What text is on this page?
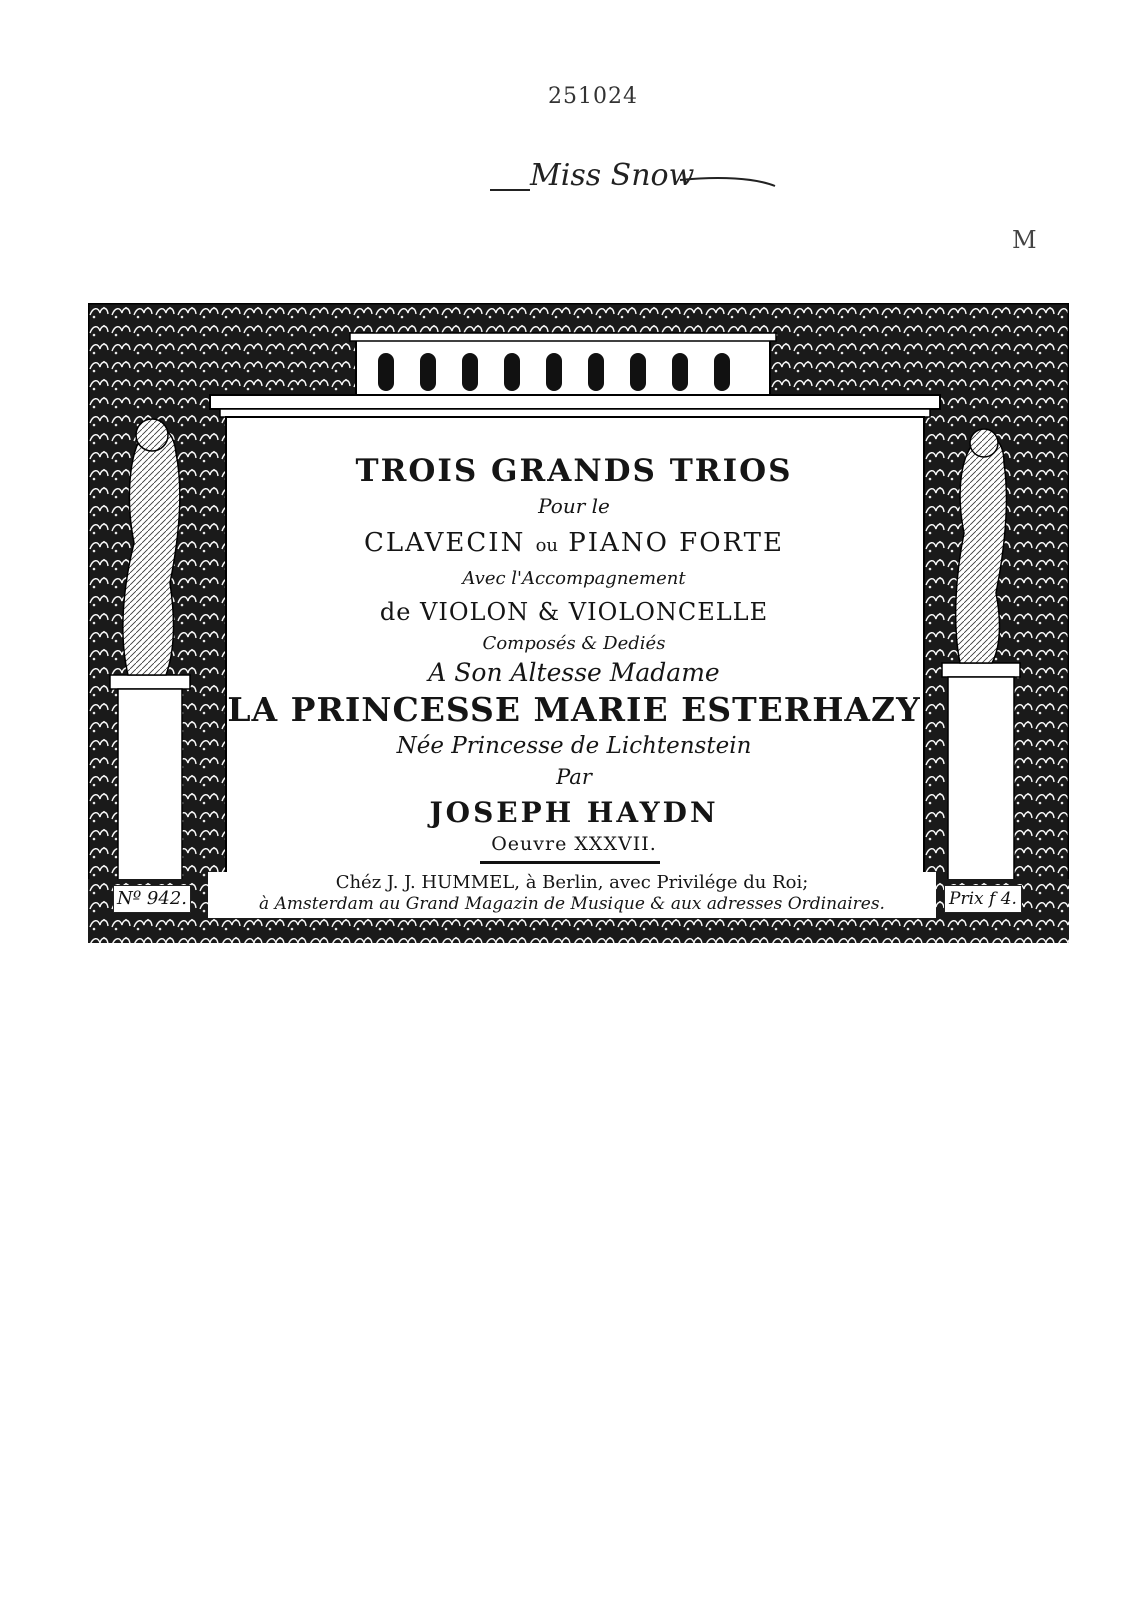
251024
Miss Snow
M
TROIS GRANDS TRIOS
Pour le
CLAVECIN ou PIANO FORTE
Avec l'Accompagnement
de VIOLON & VIOLONCELLE
Composés & Dediés
A Son Altesse Madame
LA PRINCESSE MARIE ESTERHAZY
Née Princesse de Lichtenstein
Par
JOSEPH HAYDN
Oeuvre XXXVII.
Chéz J. J. HUMMEL, à Berlin, avec Privilége du Roi;
à Amsterdam au Grand Magazin de Musique & aux adresses Ordinaires.
Nº 942.	Prix f 4.
